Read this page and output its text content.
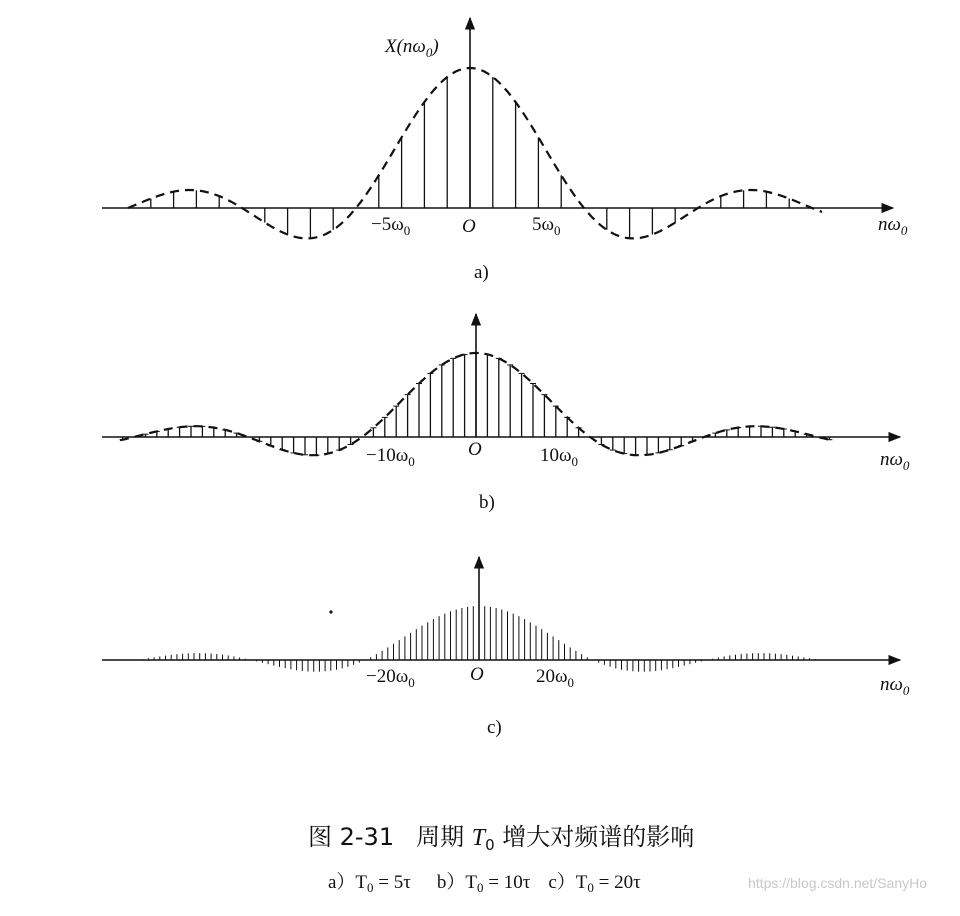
$X(n\omega_0)$
O
$-5\omega_0$	$5\omega_0$	$n\omega_0$
a)
O
$-10\omega_0$	$10\omega_0$	$n\omega_0$
b)
O
$-20\omega_0$	$20\omega_0$	$n\omega_0$
c)
图 2-31 周期 $T_0$ 增大对频谱的影响
$a)T_0 = 5\tau$ $b)T_0 = 10\tau$ $c)T_0 = 20\tau$	https://blog.csdn.net/SanyHo
